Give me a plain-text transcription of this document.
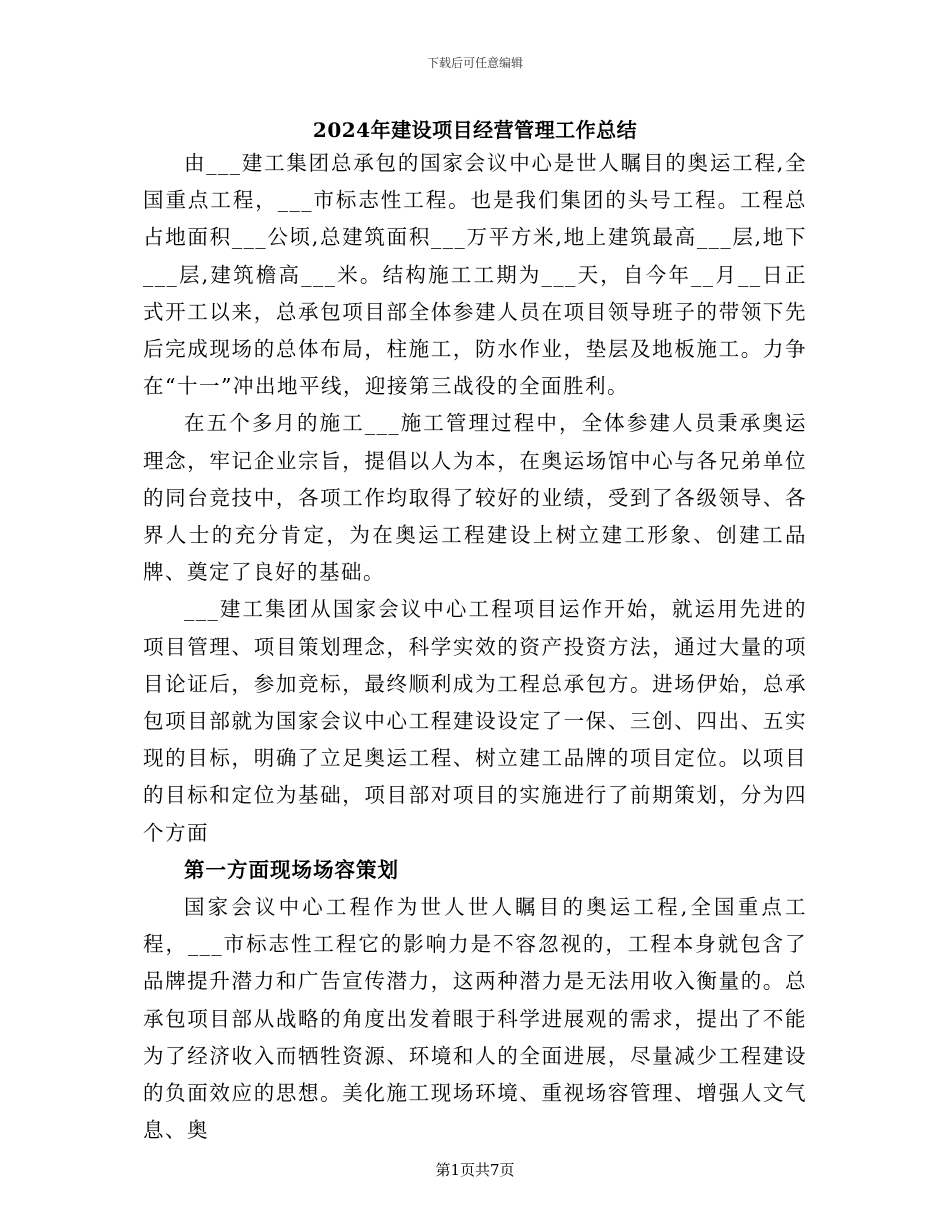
下载后可任意编辑
2024年建设项目经营管理工作总结

由___建工集团总承包的国家会议中心是世人瞩目的奥运工程,全国重点工程，___市标志性工程。也是我们集团的头号工程。工程总占地面积___公顷,总建筑面积___万平方米,地上建筑最高___层,地下___层,建筑檐高___米。结构施工工期为___天，自今年__月__日正式开工以来，总承包项目部全体参建人员在项目领导班子的带领下先后完成现场的总体布局，柱施工，防水作业，垫层及地板施工。力争在“十一”冲出地平线，迎接第三战役的全面胜利。

在五个多月的施工___施工管理过程中，全体参建人员秉承奥运理念，牢记企业宗旨，提倡以人为本，在奥运场馆中心与各兄弟单位的同台竞技中，各项工作均取得了较好的业绩，受到了各级领导、各界人士的充分肯定，为在奥运工程建设上树立建工形象、创建工品牌、奠定了良好的基础。

___建工集团从国家会议中心工程项目运作开始，就运用先进的项目管理、项目策划理念，科学实效的资产投资方法，通过大量的项目论证后，参加竞标，最终顺利成为工程总承包方。进场伊始，总承包项目部就为国家会议中心工程建设设定了一保、三创、四出、五实现的目标，明确了立足奥运工程、树立建工品牌的项目定位。以项目的目标和定位为基础，项目部对项目的实施进行了前期策划，分为四个方面

第一方面现场场容策划

国家会议中心工程作为世人世人瞩目的奥运工程,全国重点工程，___市标志性工程它的影响力是不容忽视的，工程本身就包含了品牌提升潜力和广告宣传潜力，这两种潜力是无法用收入衡量的。总承包项目部从战略的角度出发着眼于科学进展观的需求，提出了不能为了经济收入而牺牲资源、环境和人的全面进展，尽量减少工程建设的负面效应的思想。美化施工现场环境、重视场容管理、增强人文气息、奥

第1页共7页
